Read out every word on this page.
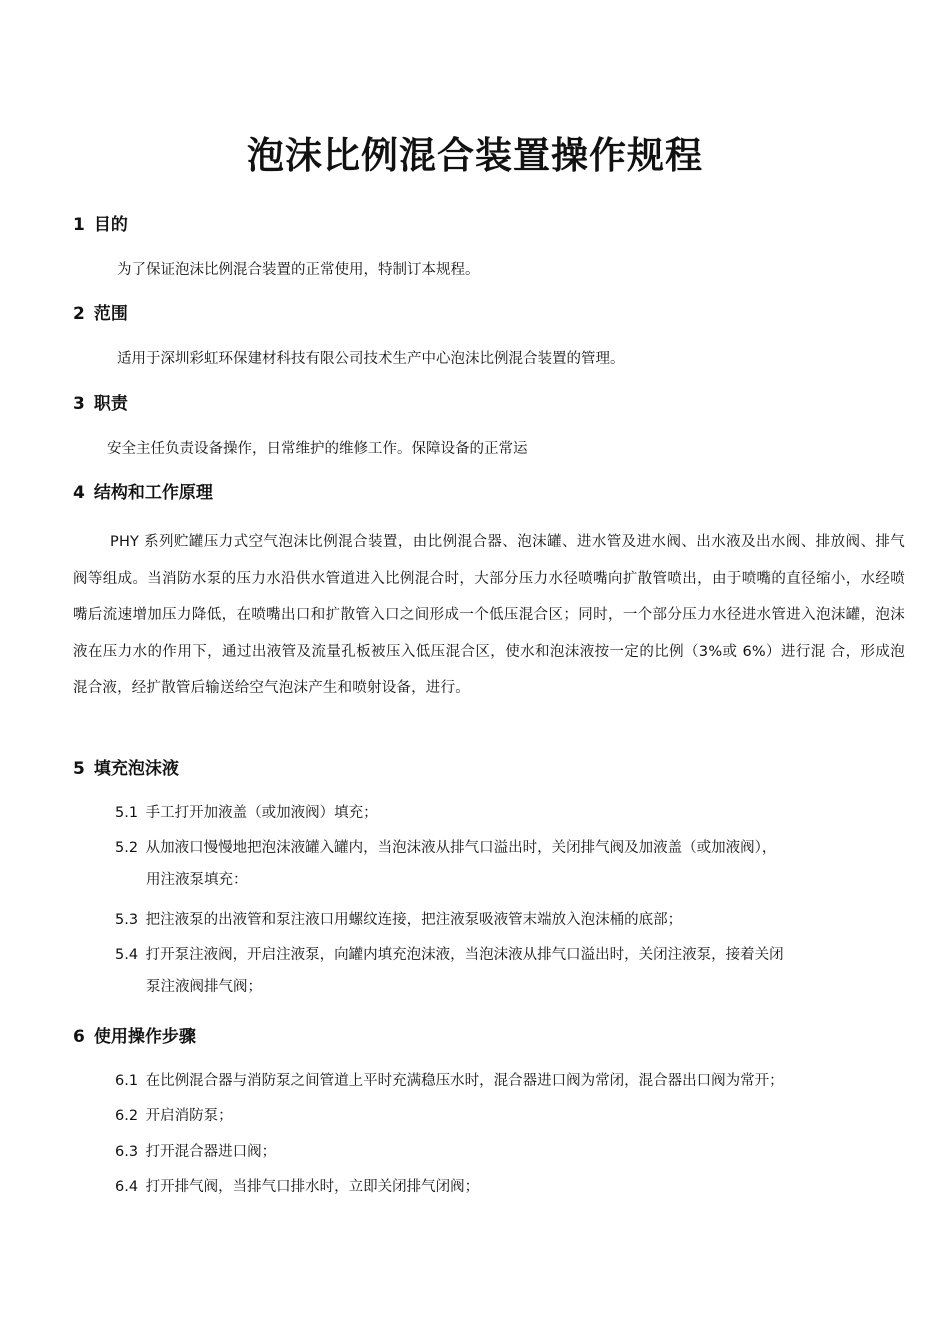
泡沫比例混合装置操作规程
1 目的

为了保证泡沫比例混合装置的正常使用，特制订本规程。

2 范围

适用于深圳彩虹环保建材科技有限公司技术生产中心泡沫比例混合装置的管理。

3 职责

安全主任负责设备操作，日常维护的维修工作。保障设备的正常运

4 结构和工作原理

PHY 系列贮罐压力式空气泡沫比例混合装置，由比例混合器、泡沫罐、进水管及进水阀、出水液及出水阀、排放阀、排气阀等组成。当消防水泵的压力水沿供水管道进入比例混合时，大部分压力水径喷嘴向扩散管喷出，由于喷嘴的直径缩小，水经喷嘴后流速增加压力降低，在喷嘴出口和扩散管入口之间形成一个低压混合区；同时，一个部分压力水径进水管进入泡沫罐，泡沫液在压力水的作用下，通过出液管及流量孔板被压入低压混合区，使水和泡沫液按一定的比例（3%或 6%）进行混 合，形成泡混合液，经扩散管后输送给空气泡沫产生和喷射设备，进行。

5 填充泡沫液

5.1 手工打开加液盖（或加液阀）填充；

5.2 从加液口慢慢地把泡沫液罐入罐内，当泡沫液从排气口溢出时，关闭排气阀及加液盖（或加液阀），
用注液泵填充：

5.3 把注液泵的出液管和泵注液口用螺纹连接，把注液泵吸液管末端放入泡沫桶的底部；

5.4 打开泵注液阀，开启注液泵，向罐内填充泡沫液，当泡沫液从排气口溢出时，关闭注液泵，接着关闭
泵注液阀排气阀；

6 使用操作步骤

6.1 在比例混合器与消防泵之间管道上平时充满稳压水时，混合器进口阀为常闭，混合器出口阀为常开；

6.2 开启消防泵；

6.3 打开混合器进口阀；

6.4 打开排气阀，当排气口排水时，立即关闭排气闭阀；
